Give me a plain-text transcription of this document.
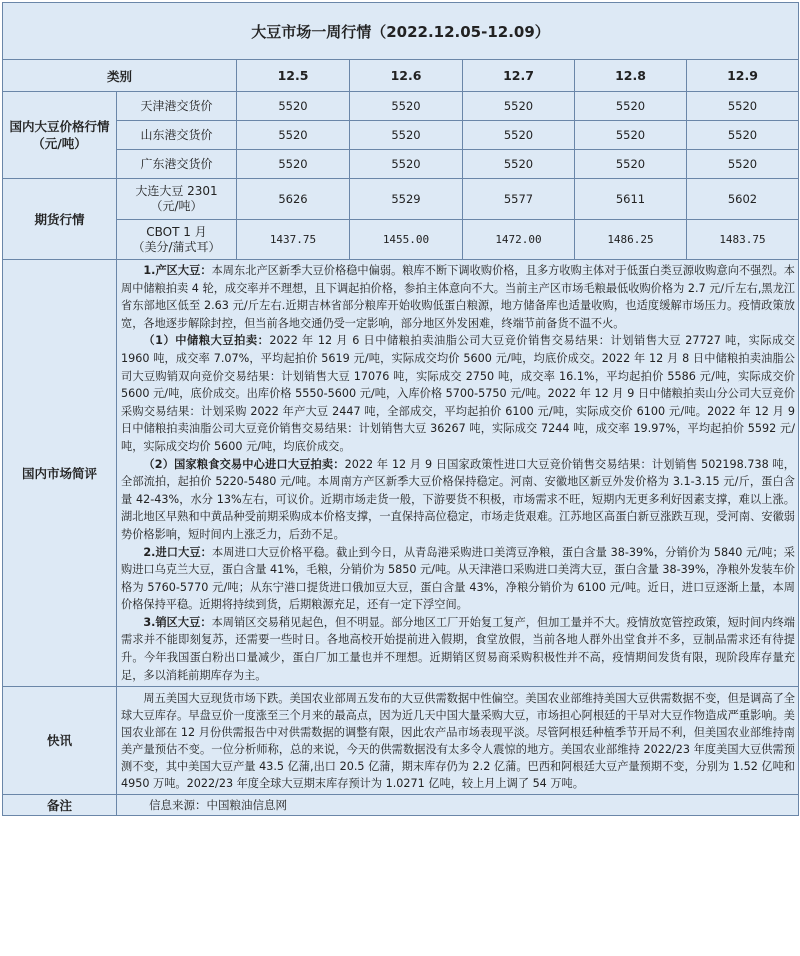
大豆市场一周行情（2022.12.05-12.09）						
类别		12.5	12.6	12.7	12.8	12.9
国内大豆价格行情（元/吨）	天津港交货价	5520	5520	5520	5520	5520
	山东港交货价	5520	5520	5520	5520	5520
	广东港交货价	5520	5520	5520	5520	5520
期货行情	大连大豆 2301
（元/吨）	5626	5529	5577	5611	5602

	CBOT 1 月
（美分/蒲式耳）	1437.75	1455.00	1472.00	1486.25	1483.75
国内市场简评	1.产区大豆：本周东北产区新季大豆价格稳中偏弱。粮库不断下调收购价格，且多方收购主体对于低蛋白类豆源收购意向不强烈。本周中储粮拍卖 4 轮，成交率并不理想，且下调起拍价格，参拍主体意向不大。当前主产区市场毛粮最低收购价格为 2.7 元/斤左右,黑龙江省东部地区低至 2.63 元/斤左右.近期吉林省部分粮库开始收购低蛋白粮源，地方储备库也适量收购，也适度缓解市场压力。疫情政策放宽，各地逐步解除封控，但当前各地交通仍受一定影响，部分地区外发困难，终端节前备货不温不火。

（1）中储粮大豆拍卖：2022 年 12 月 6 日中储粮拍卖油脂公司大豆竞价销售交易结果：计划销售大豆 27727 吨，实际成交 1960 吨，成交率 7.07%，平均起拍价 5619 元/吨，实际成交均价 5600 元/吨，均底价成交。2022 年 12 月 8 日中储粮拍卖油脂公司大豆购销双向竞价交易结果：计划销售大豆 17076 吨，实际成交 2750 吨，成交率 16.1%，平均起拍价 5586 元/吨，实际成交价 5600 元/吨，底价成交。出库价格 5550-5600 元/吨，入库价格 5700-5750 元/吨。2022 年 12 月 9 日中储粮拍卖山分公司大豆竞价采购交易结果：计划采购 2022 年产大豆 2447 吨，全部成交，平均起拍价 6100 元/吨，实际成交价 6100 元/吨。2022 年 12 月 9 日中储粮拍卖油脂公司大豆竞价销售交易结果：计划销售大豆 36267 吨，实际成交 7244 吨，成交率 19.97%，平均起拍价 5592 元/吨，实际成交均价 5600 元/吨，均底价成交。

（2）国家粮食交易中心进口大豆拍卖：2022 年 12 月 9 日国家政策性进口大豆竞价销售交易结果：计划销售 502198.738 吨，全部流拍，起拍价 5220-5480 元/吨。本周南方产区新季大豆价格保持稳定。河南、安徽地区新豆外发价格为 3.1-3.15 元/斤，蛋白含量 42-43%，水分 13%左右，可议价。近期市场走货一般，下游要货不积极，市场需求不旺，短期内无更多利好因素支撑，难以上涨。湖北地区早熟和中黄品种受前期采购成本价格支撑，一直保持高位稳定，市场走货艰难。江苏地区高蛋白新豆涨跌互现，受河南、安徽弱势价格影响，短时间内上涨乏力，后劲不足。

2.进口大豆：本周进口大豆价格平稳。截止到今日，从青岛港采购进口美湾豆净粮，蛋白含量 38-39%，分销价为 5840 元/吨；采购进口乌克兰大豆，蛋白含量 41%，毛粮，分销价为 5850 元/吨。从天津港口采购进口美湾大豆，蛋白含量 38-39%，净粮外发装车价格为 5760-5770 元/吨；从东宁港口提货进口俄加豆大豆，蛋白含量 43%，净粮分销价为 6100 元/吨。近日，进口豆逐渐上量，本周价格保持平稳。近期将持续到货，后期粮源充足，还有一定下浮空间。

3.销区大豆：本周销区交易稍见起色，但不明显。部分地区工厂开始复工复产，但加工量并不大。疫情放宽管控政策，短时间内终端需求并不能即刻复苏，还需要一些时日。各地高校开始提前进入假期，食堂放假，当前各地人群外出堂食并不多，豆制品需求还有待提升。今年我国蛋白粉出口量减少，蛋白厂加工量也并不理想。近期销区贸易商采购积极性并不高，疫情期间发货有限，现阶段库存量充足，多以消耗前期库存为主。					

快讯	周五美国大豆现货市场下跌。美国农业部周五发布的大豆供需数据中性偏空。美国农业部维持美国大豆供需数据不变，但是调高了全球大豆库存。早盘豆价一度涨至三个月来的最高点，因为近几天中国大量采购大豆，市场担心阿根廷的干旱对大豆作物造成严重影响。美国农业部在 12 月份供需报告中对供需数据的调整有限，因此农产品市场表现平淡。尽管阿根廷种植季节开局不利，但美国农业部维持南美产量预估不变。一位分析师称，总的来说，今天的供需数据没有太多令人震惊的地方。美国农业部维持 2022/23 年度美国大豆供需预测不变，其中美国大豆产量 43.5 亿蒲,出口 20.5 亿蒲，期末库存仍为 2.2 亿蒲。巴西和阿根廷大豆产量预期不变，分别为 1.52 亿吨和 4950 万吨。2022/23 年度全球大豆期末库存预计为 1.0271 亿吨，较上月上调了 54 万吨。					

备注	信息来源：中国粮油信息网					
